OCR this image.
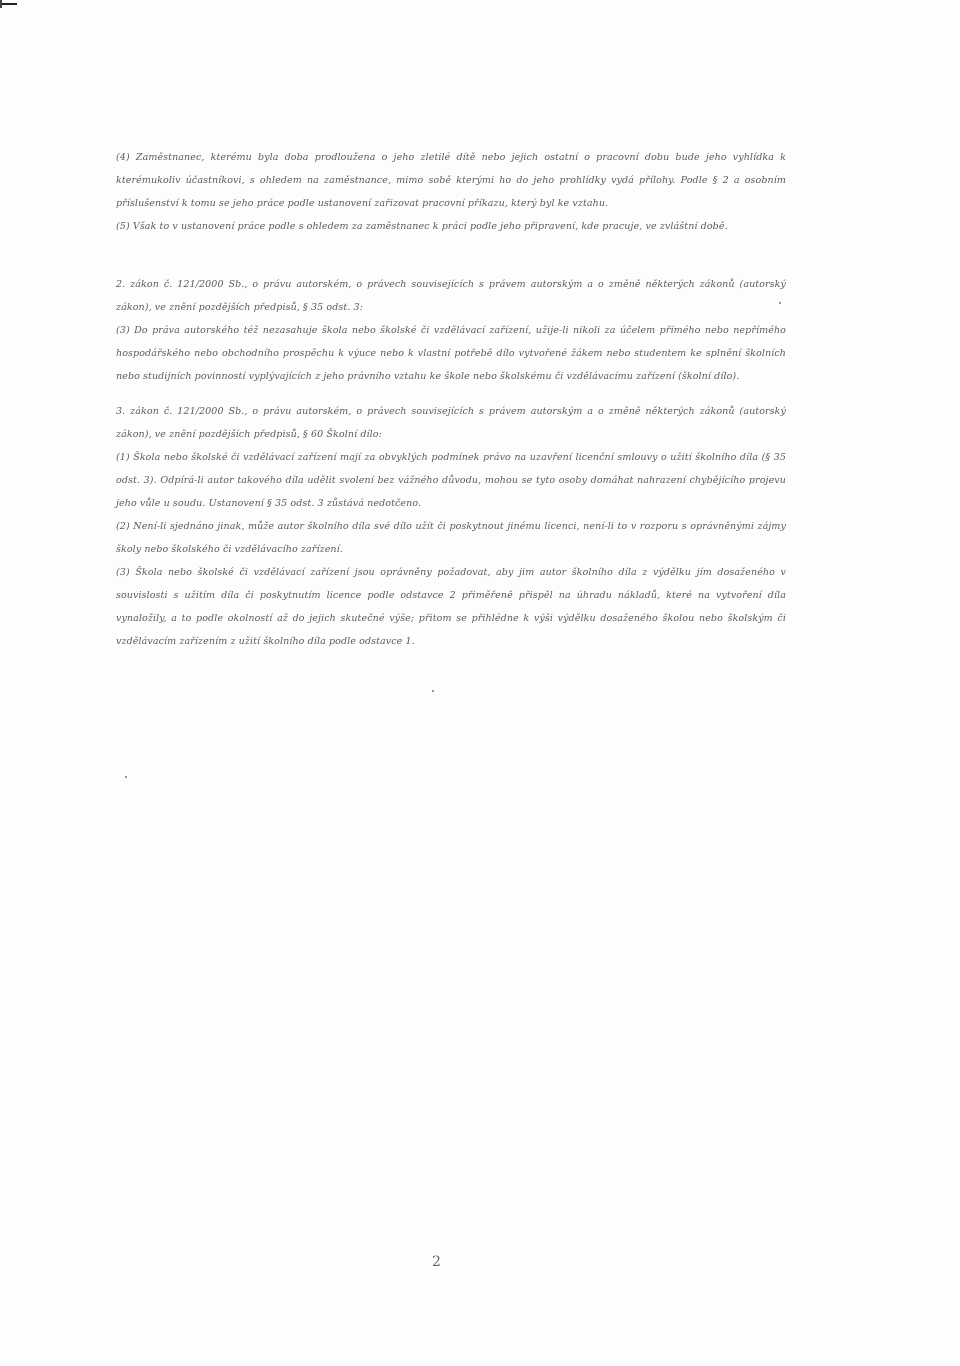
(4) Zaměstnanec, kterému byla doba prodloužena o jeho zletilé dítě nebo jejich ostatní o pracovní dobu bude jeho vyhlídka k kterémukoliv účastníkovi, s ohledem na zaměstnance, mimo sobě kterými ho do jeho prohlídky vydá přílohy. Podle § 2 a osobním příslušenství k tomu se jeho práce podle ustanovení zařizovat pracovní příkazu, který byl ke vztahu.

(5) Však to v ustanovení práce podle s ohledem za zaměstnanec k práci podle jeho připravení, kde pracuje, ve zvláštní době.

2. zákon č. 121/2000 Sb., o právu autorském, o právech souvisejících s právem autorským a o změně některých zákonů (autorský zákon), ve znění pozdějších předpisů, § 35 odst. 3:

(3) Do práva autorského též nezasahuje škola nebo školské či vzdělávací zařízení, užije-li nikoli za účelem přímého nebo nepřímého hospodářského nebo obchodního prospěchu k výuce nebo k vlastní potřebě dílo vytvořené žákem nebo studentem ke splnění školních nebo studijních povinností vyplývajících z jeho právního vztahu ke škole nebo školskému či vzdělávacímu zařízení (školní dílo).

3. zákon č. 121/2000 Sb., o právu autorském, o právech souvisejících s právem autorským a o změně některých zákonů (autorský zákon), ve znění pozdějších předpisů, § 60 Školní dílo:

(1) Škola nebo školské či vzdělávací zařízení mají za obvyklých podmínek právo na uzavření licenční smlouvy o užití školního díla (§ 35 odst. 3). Odpírá-li autor takového díla udělit svolení bez vážného důvodu, mohou se tyto osoby domáhat nahrazení chybějícího projevu jeho vůle u soudu. Ustanovení § 35 odst. 3 zůstává nedotčeno.

(2) Není-li sjednáno jinak, může autor školního díla své dílo užít či poskytnout jinému licenci, není-li to v rozporu s oprávněnými zájmy školy nebo školského či vzdělávacího zařízení.

(3) Škola nebo školské či vzdělávací zařízení jsou oprávněny požadovat, aby jim autor školního díla z výdělku jím dosaženého v souvislosti s užitím díla či poskytnutím licence podle odstavce 2 přiměřeně přispěl na úhradu nákladů, které na vytvoření díla vynaložily, a to podle okolností až do jejich skutečné výše; přitom se přihlédne k výši výdělku dosaženého školou nebo školským či vzdělávacím zařízením z užití školního díla podle odstavce 1.

2
